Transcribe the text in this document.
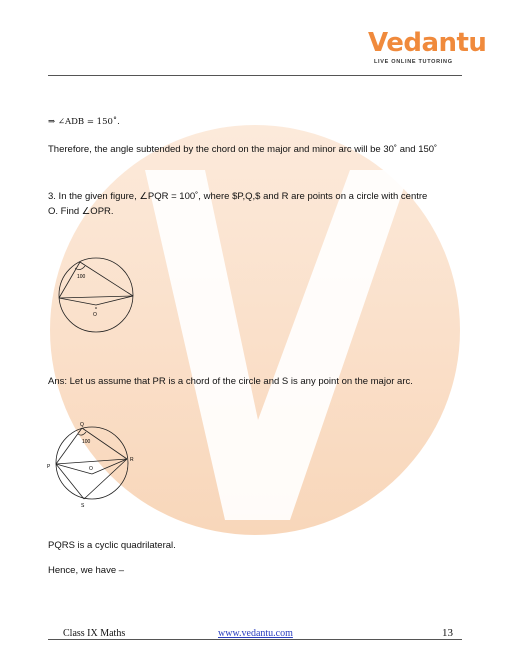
Vedantu
LIVE ONLINE TUTORING
⇒ ∠ADB = 150˚.
Therefore, the angle subtended by the chord on the major and minor arc will be 30˚ and 150˚
3. In the given figure, ∠PQR = 100˚, where $P,Q,$ and R are points on a circle with centre
O. Find ∠OPR.
100
O
Ans: Let us assume that PR is a chord of the circle and S is any point on the major arc.
Q
100
P
R
O
S
PQRS is a cyclic quadrilateral.
Hence, we have –
Class IX Maths	www.vedantu.com	13
